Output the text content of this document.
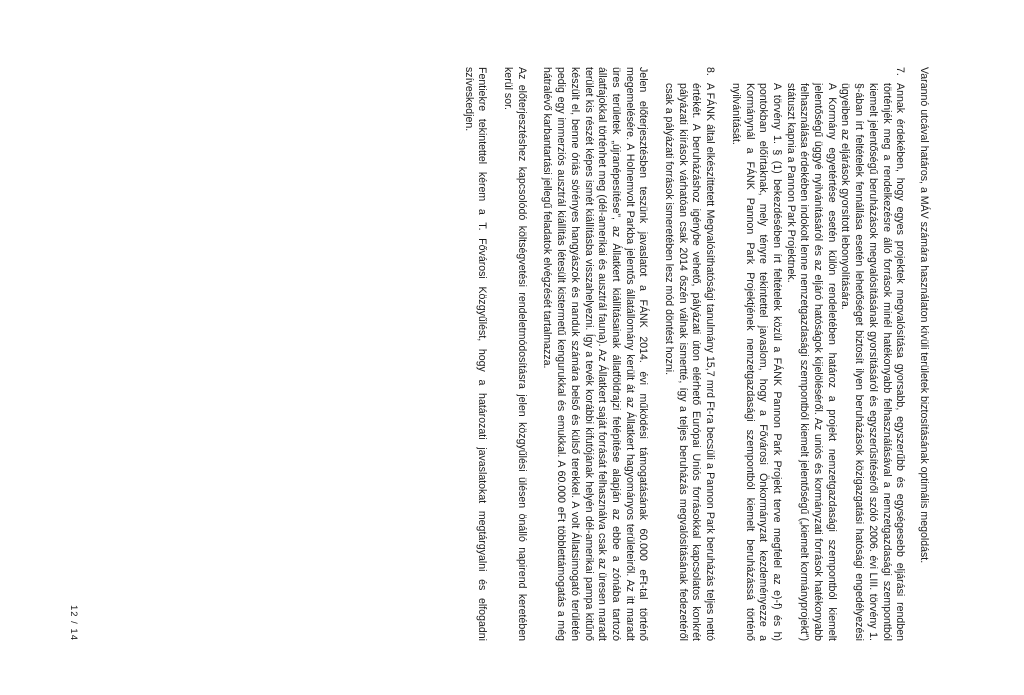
Varannó utcával határos, a MÁV számára használaton kívüli területek biztosításának optimális megoldást.

7.

Annak érdekében, hogy egyes projektek megvalósítása gyorsabb, egyszerűbb és egységesebb eljárási rendben történjék meg a rendelkezésre álló források minél hatékonyabb felhasználásával a nemzetgazdasági szempontból kiemelt jelentőségű beruházások megvalósításának gyorsításáról és egyszerűsítéséről szóló 2006. évi LIII. törvény 1. §-ában írt feltételek fennállása esetén lehetőséget biztosít ilyen beruházások közigazgatási hatósági engedélyezési ügyeiben az eljárások gyorsított lebonyolítására.

A Kormány egyetértése esetén külön rendeletében határoz a projekt nemzetgazdasági szempontból kiemelt jelentőségű üggyé nyilvánításáról és az eljáró hatóságok kijelöléséről. Az uniós és kormányzati források hatékonyabb felhasználása érdekében indokolt lenne nemzetgazdasági szempontból kiemelt jelentőségű („kiemelt kormányprojekt”) státuszt kapnia a Pannon Park Projektnek.

A törvény 1. § (1) bekezdésében írt feltételek közül a FÁNK Pannon Park Projekt terve megfelel az e)-f) és h) pontokban előírtaknak, mely tényre tekintettel javaslom, hogy a Fővárosi Önkormányzat kezdeményezze a Kormánynál a FÁNK Pannon Park Projektjének nemzetgazdasági szempontból kiemelt beruházássá történő nyilvánítását.

8.

A FÁNK által elkészíttetett Megvalósíthatósági tanulmány 15,7 mrd Ft-ra becsüli a Pannon Park beruházás teljes nettó értékét. A beruházáshoz igénybe vehető, pályázati úton elérhető Európai Uniós forrásokkal kapcsolatos konkrét pályázati kiírások várhatóan csak 2014 őszén válnak ismertté, így a teljes beruházás megvalósításának fedezetéről csak a pályázati források ismeretében lesz mód döntést hozni.

Jelen előterjesztésben teszünk javaslatot a FÁNK 2014. évi működési támogatásának 60.000 eFt-tal történő megemelésére. A Holnemvolt Parkba jelentős állatállomány került át az Állatkert hagyományos területeiről. Az itt maradt üres területek „újranépesítése”, az Állatkert kiállításainak állatföldrajzi felépítése alapján az ebbe a zónába tartozó állatfajokkal történhet meg (dél-amerikai és ausztrál fauna). Az Állatkert saját forrását felhasználva csak az üresen maradt terület kis részét képes ismét kiállításba visszahelyezni. Így a tevék korábbi kifutójának helyén dél-amerikai pampa kitűnő készült el, benne óriás sörényes hangyászok és nanduk számára belső és külső terekkel. A volt Állatsimogató területén pedig egy immerziós ausztrál kiállítás létesült kistermetű kengurukkal és emukkal. A 60.000 eFt többlettámogatás a még hátralévő karbantartási jellegű feladatok elvégzését tartalmazza.

Az előterjesztéshez kapcsolódó költségvetési rendeletmódosításra jelen közgyűlési ülésen önálló napirend keretében kerül sor.

Fentiekre tekintettel kérem a T. Fővárosi Közgyűlést, hogy a határozati javaslatokat megtárgyalni és elfogadni szíveskedjen.

12 / 14
